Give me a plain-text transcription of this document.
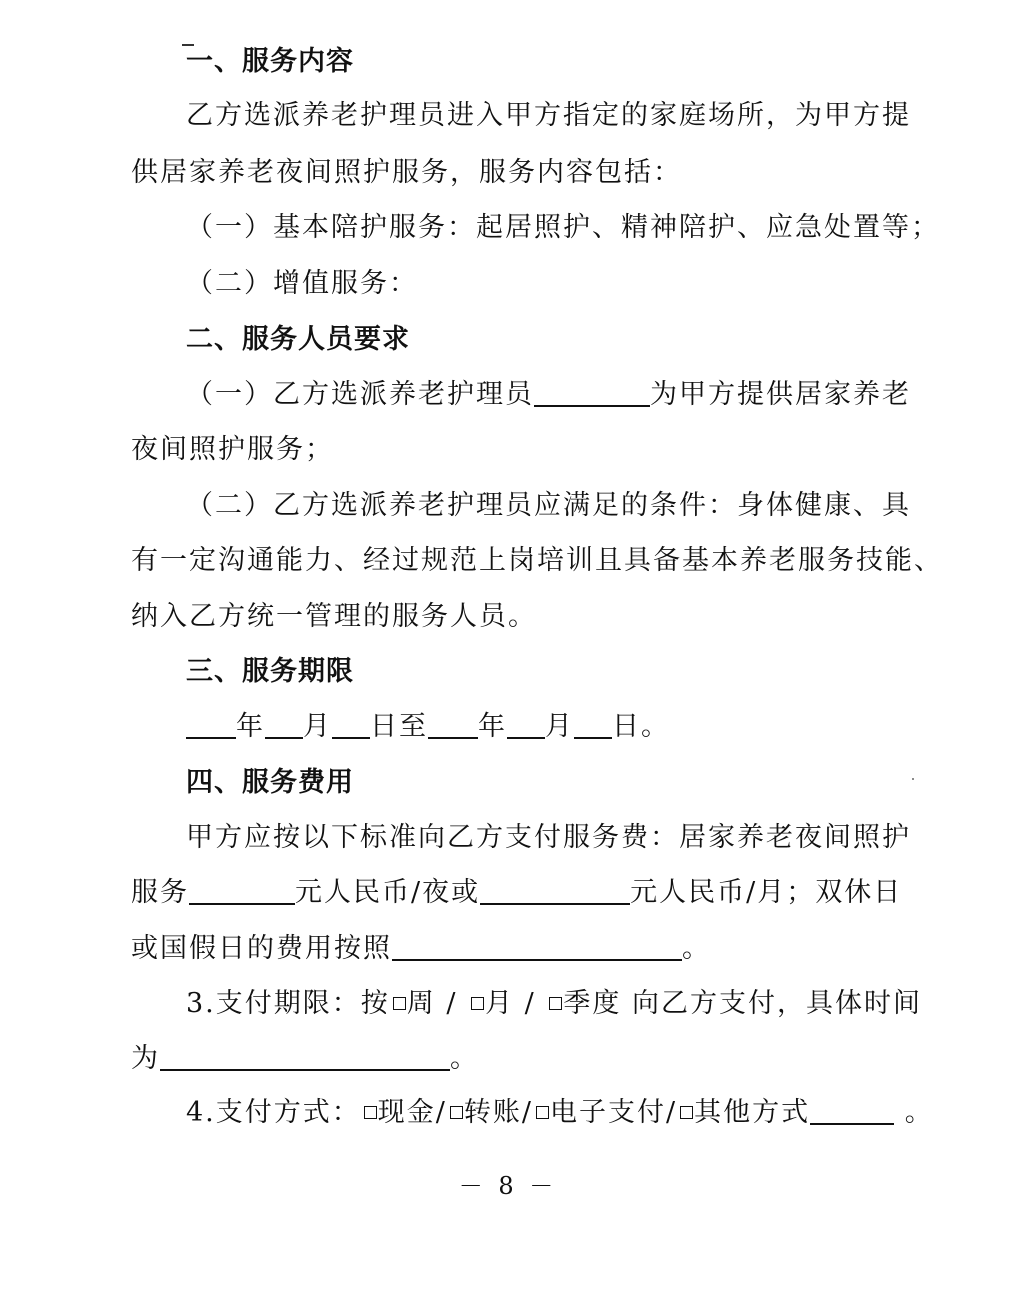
一、服务内容
乙方选派养老护理员进入甲方指定的家庭场所，为甲方提
供居家养老夜间照护服务，服务内容包括：
（一）基本陪护服务：起居照护、精神陪护、应急处置等；
（二）增值服务：
二、服务人员要求
（一）乙方选派养老护理员	为甲方提供居家养老
夜间照护服务；
（二）乙方选派养老护理员应满足的条件：身体健康、具
有一定沟通能力、经过规范上岗培训且具备基本养老服务技能、
纳入乙方统一管理的服务人员。
三、服务期限
年 月 日至 年 月 日。
四、服务费用
甲方应按以下标准向乙方支付服务费：居家养老夜间照护
服务	元人民币/夜或	元人民币/月；双休日
或国假日的费用按照	。
3.支付期限：按 周 / 月 / 季度 向乙方支付，具体时间
为	。
4.支付方式： 现金/ 转账/ 电子支付/ 其他方式	。
－ 8 －
